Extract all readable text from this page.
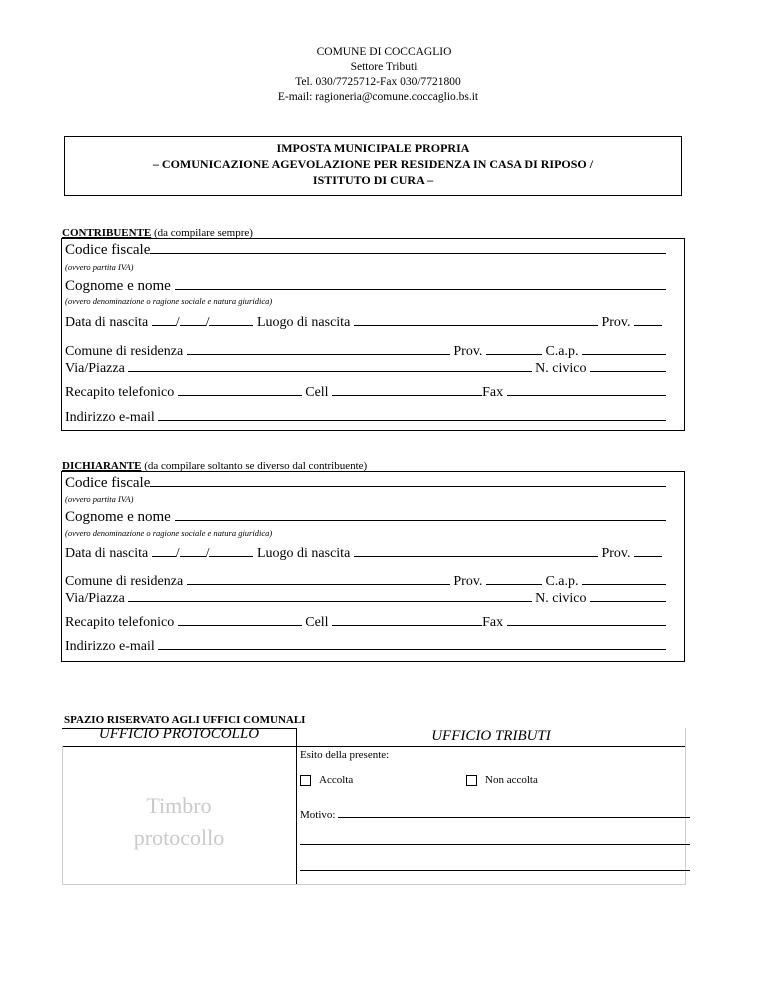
COMUNE DI COCCAGLIO
Settore Tributi
Tel. 030/7725712-Fax 030/7721800
E-mail: ragioneria@comune.coccaglio.bs.it
IMPOSTA MUNICIPALE PROPRIA
– COMUNICAZIONE AGEVOLAZIONE PER RESIDENZA IN CASA DI RIPOSO /
ISTITUTO DI CURA –
CONTRIBUENTE (da compilare sempre)
Codice fiscale
(ovvero partita IVA)
Cognome e nome

(ovvero denominazione o ragione sociale e natura giuridica)
Data di nascita
/ /
	Luogo di nascita

	Prov.

Comune di residenza

	Prov.

	C.a.p.

Via/Piazza

	N. civico

Recapito telefonico

	Cell
	Fax

Indirizzo e-mail

DICHIARANTE (da compilare soltanto se diverso dal contribuente)
Codice fiscale
(ovvero partita IVA)
Cognome e nome

(ovvero denominazione o ragione sociale e natura giuridica)
Data di nascita
/ /
	Luogo di nascita

	Prov.

Comune di residenza

	Prov.

	C.a.p.

Via/Piazza

	N. civico

Recapito telefonico

	Cell
	Fax

Indirizzo e-mail

SPAZIO RISERVATO AGLI UFFICI COMUNALI
UFFICIO PROTOCOLLO	UFFICIO TRIBUTI
Timbro
protocollo
Esito della presente:
Accolta	Non accolta
Motivo:
